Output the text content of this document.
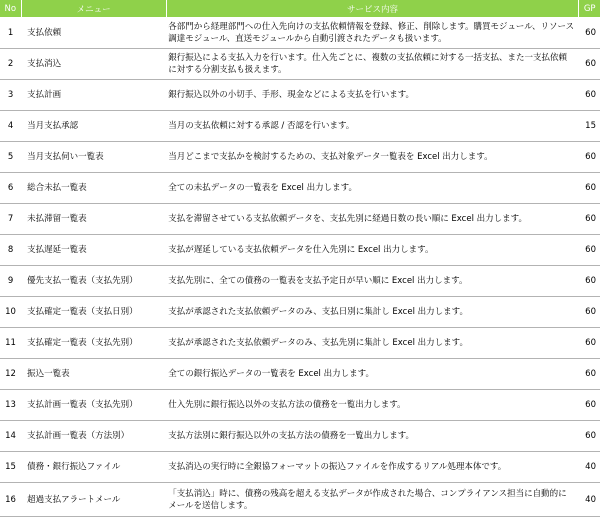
No	メニュー	サービス内容	GP
1	支払依頼	各部門から経理部門への仕入先向けの支払依頼情報を登録、修正、削除します。購買モジュール、リソース調達モジュール、直送モジュールから自動引渡されたデータも扱います。	60
2	支払消込	銀行振込による支払入力を行います。仕入先ごとに、複数の支払依頼に対する一括支払、また一支払依頼に対する分割支払も扱えます。	60
3	支払計画	銀行振込以外の小切手、手形、現金などによる支払を行います。	60
4	当月支払承認	当月の支払依頼に対する承認 / 否認を行います。	15
5	当月支払伺い一覧表	当月どこまで支払かを検討するための、支払対象データ一覧表を Excel 出力します。	60
6	総合未払一覧表	全ての未払データの一覧表を Excel 出力します。	60
7	未払滞留一覧表	支払を滞留させている支払依頼データを、支払先別に経過日数の長い順に Excel 出力します。	60
8	支払遅延一覧表	支払が遅延している支払依頼データを仕入先別に Excel 出力します。	60
9	優先支払一覧表（支払先別）	支払先別に、全ての債務の一覧表を支払予定日が早い順に Excel 出力します。	60
10	支払確定一覧表（支払日別）	支払が承認された支払依頼データのみ、支払日別に集計し Excel 出力します。	60
11	支払確定一覧表（支払先別）	支払が承認された支払依頼データのみ、支払先別に集計し Excel 出力します。	60
12	振込一覧表	全ての銀行振込データの一覧表を Excel 出力します。	60
13	支払計画一覧表（支払先別）	仕入先別に銀行振込以外の支払方法の債務を一覧出力します。	60
14	支払計画一覧表（方法別）	支払方法別に銀行振込以外の支払方法の債務を一覧出力します。	60
15	債務・銀行振込ファイル	支払消込の実行時に全銀協フォーマットの振込ファイルを作成するリアル処理本体です。	40
16	超過支払アラートメール	「支払消込」時に、債務の残高を超える支払データが作成された場合、コンプライアンス担当に自動的にメールを送信します。	40
